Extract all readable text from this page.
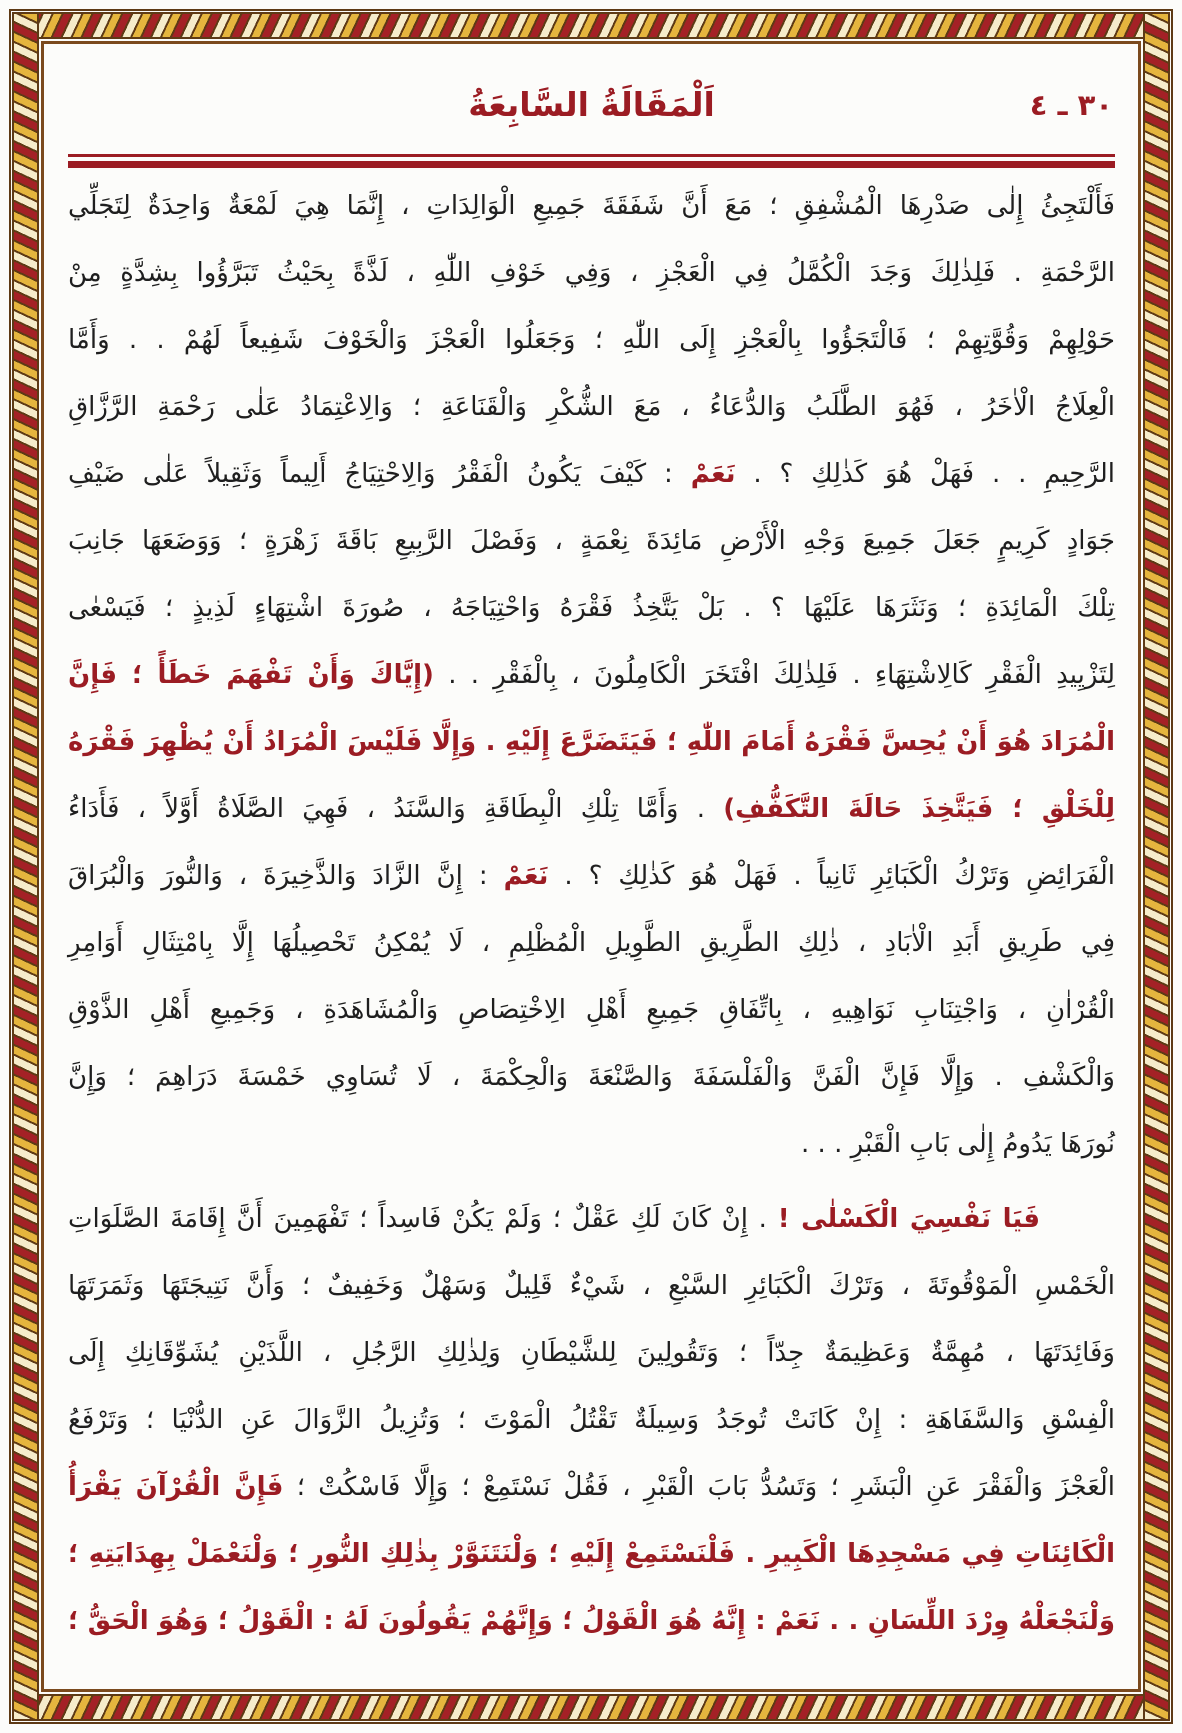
اَلْمَقَالَةُ السَّابِعَةُ	٣٠ ـ ٤
فَأَلْتَجِئُ إِلٰى صَدْرِهَا الْمُشْفِقِ ؛ مَعَ أَنَّ شَفَقَةَ جَمِيعِ الْوَالِدَاتِ ، إِنَّمَا هِيَ لَمْعَةٌ وَاحِدَةٌ لِتَجَلِّي
الرَّحْمَةِ . فَلِذٰلِكَ وَجَدَ الْكُمَّلُ فِي الْعَجْزِ ، وَفِي خَوْفِ اللّٰهِ ، لَذَّةً بِحَيْثُ تَبَرَّؤُوا بِشِدَّةٍ مِنْ
حَوْلِهِمْ وَقُوَّتِهِمْ ؛ فَالْتَجَؤُوا بِالْعَجْزِ إِلَى اللّٰهِ ؛ وَجَعَلُوا الْعَجْزَ وَالْخَوْفَ شَفِيعاً لَهُمْ . . وَأَمَّا
الْعِلَاجُ الْاٰخَرُ ، فَهُوَ الطَّلَبُ وَالدُّعَاءُ ، مَعَ الشُّكْرِ وَالْقَنَاعَةِ ؛ وَالِاعْتِمَادُ عَلٰى رَحْمَةِ الرَّزَّاقِ
الرَّحِيمِ . . فَهَلْ هُوَ كَذٰلِكِ ؟ . نَعَمْ : كَيْفَ يَكُونُ الْفَقْرُ وَالِاحْتِيَاجُ أَلِيماً وَثَقِيلاً عَلٰى ضَيْفِ
جَوَادٍ كَرِيمٍ جَعَلَ جَمِيعَ وَجْهِ الْأَرْضِ مَائِدَةَ نِعْمَةٍ ، وَفَصْلَ الرَّبِيعِ بَاقَةَ زَهْرَةٍ ؛ وَوَضَعَهَا جَانِبَ
تِلْكَ الْمَائِدَةِ ؛ وَنَثَرَهَا عَلَيْهَا ؟ . بَلْ يَتَّخِذُ فَقْرَهُ وَاحْتِيَاجَهُ ، صُورَةَ اشْتِهَاءٍ لَذِيذٍ ؛ فَيَسْعٰى
لِتَزْيِيدِ الْفَقْرِ كَالِاشْتِهَاءِ . فَلِذٰلِكَ افْتَخَرَ الْكَامِلُونَ ، بِالْفَقْرِ . . (إِيَّاكَ وَأَنْ تَفْهَمَ خَطَأً ؛ فَإِنَّ
الْمُرَادَ هُوَ أَنْ يُحِسَّ فَقْرَهُ أَمَامَ اللّٰهِ ؛ فَيَتَضَرَّعَ إِلَيْهِ . وَإِلَّا فَلَيْسَ الْمُرَادُ أَنْ يُظْهِرَ فَقْرَهُ
لِلْخَلْقِ ؛ فَيَتَّخِذَ حَالَةَ التَّكَفُّفِ) . وَأَمَّا تِلْكِ الْبِطَاقَةِ وَالسَّنَدُ ، فَهِيَ الصَّلَاةُ أَوَّلاً ، فَأَدَاءُ
الْفَرَائِضِ وَتَرْكُ الْكَبَائِرِ ثَانِياً . فَهَلْ هُوَ كَذٰلِكِ ؟ . نَعَمْ : إِنَّ الزَّادَ وَالذَّخِيرَةَ ، وَالنُّورَ وَالْبُرَاقَ
فِي طَرِيقِ أَبَدِ الْاٰبَادِ ، ذٰلِكِ الطَّرِيقِ الطَّوِيلِ الْمُظْلِمِ ، لَا يُمْكِنُ تَحْصِيلُهَا إِلَّا بِامْتِثَالِ أَوَامِرِ
الْقُرْاٰنِ ، وَاجْتِنَابِ نَوَاهِيهِ ، بِاتِّفَاقِ جَمِيعِ أَهْلِ الِاخْتِصَاصِ وَالْمُشَاهَدَةِ ، وَجَمِيعِ أَهْلِ الذَّوْقِ
وَالْكَشْفِ . وَإِلَّا فَإِنَّ الْفَنَّ وَالْفَلْسَفَةَ وَالصَّنْعَةَ وَالْحِكْمَةَ ، لَا تُسَاوِي خَمْسَةَ دَرَاهِمَ ؛ وَإِنَّ
نُورَهَا يَدُومُ إِلٰى بَابِ الْقَبْرِ . . .
فَيَا نَفْسِيَ الْكَسْلٰى ! . إِنْ كَانَ لَكِ عَقْلٌ ؛ وَلَمْ يَكُنْ فَاسِداً ؛ تَفْهَمِينَ أَنَّ إِقَامَةَ الصَّلَوَاتِ
الْخَمْسِ الْمَوْقُوتَةَ ، وَتَرْكَ الْكَبَائِرِ السَّبْعِ ، شَيْءٌ قَلِيلٌ وَسَهْلٌ وَخَفِيفٌ ؛ وَأَنَّ نَتِيجَتَهَا وَثَمَرَتَهَا
وَفَائِدَتَهَا ، مُهِمَّةٌ وَعَظِيمَةٌ جِدّاً ؛ وَتَقُولِينَ لِلشَّيْطَانِ وَلِذٰلِكِ الرَّجُلِ ، اللَّذَيْنِ يُشَوِّقَانِكِ إِلَى
الْفِسْقِ وَالسَّفَاهَةِ : إِنْ كَانَتْ تُوجَدُ وَسِيلَةٌ تَقْتُلُ الْمَوْتَ ؛ وَتُزِيلُ الزَّوَالَ عَنِ الدُّنْيَا ؛ وَتَرْفَعُ
الْعَجْزَ وَالْفَقْرَ عَنِ الْبَشَرِ ؛ وَتَسُدُّ بَابَ الْقَبْرِ ، فَقُلْ نَسْتَمِعْ ؛ وَإِلَّا فَاسْكُتْ ؛ فَإِنَّ الْقُرْآنَ يَقْرَأُ
الْكَائِنَاتِ فِي مَسْجِدِهَا الْكَبِيرِ . فَلْنَسْتَمِعْ إِلَيْهِ ؛ وَلْنَتَنَوَّرْ بِذٰلِكِ النُّورِ ؛ وَلْنَعْمَلْ بِهِدَايَتِهِ ؛
وَلْنَجْعَلْهُ وِرْدَ اللِّسَانِ . . نَعَمْ : إِنَّهُ هُوَ الْقَوْلُ ؛ وَإِنَّهُمْ يَقُولُونَ لَهُ : الْقَوْلُ ؛ وَهُوَ الْحَقُّ ؛
